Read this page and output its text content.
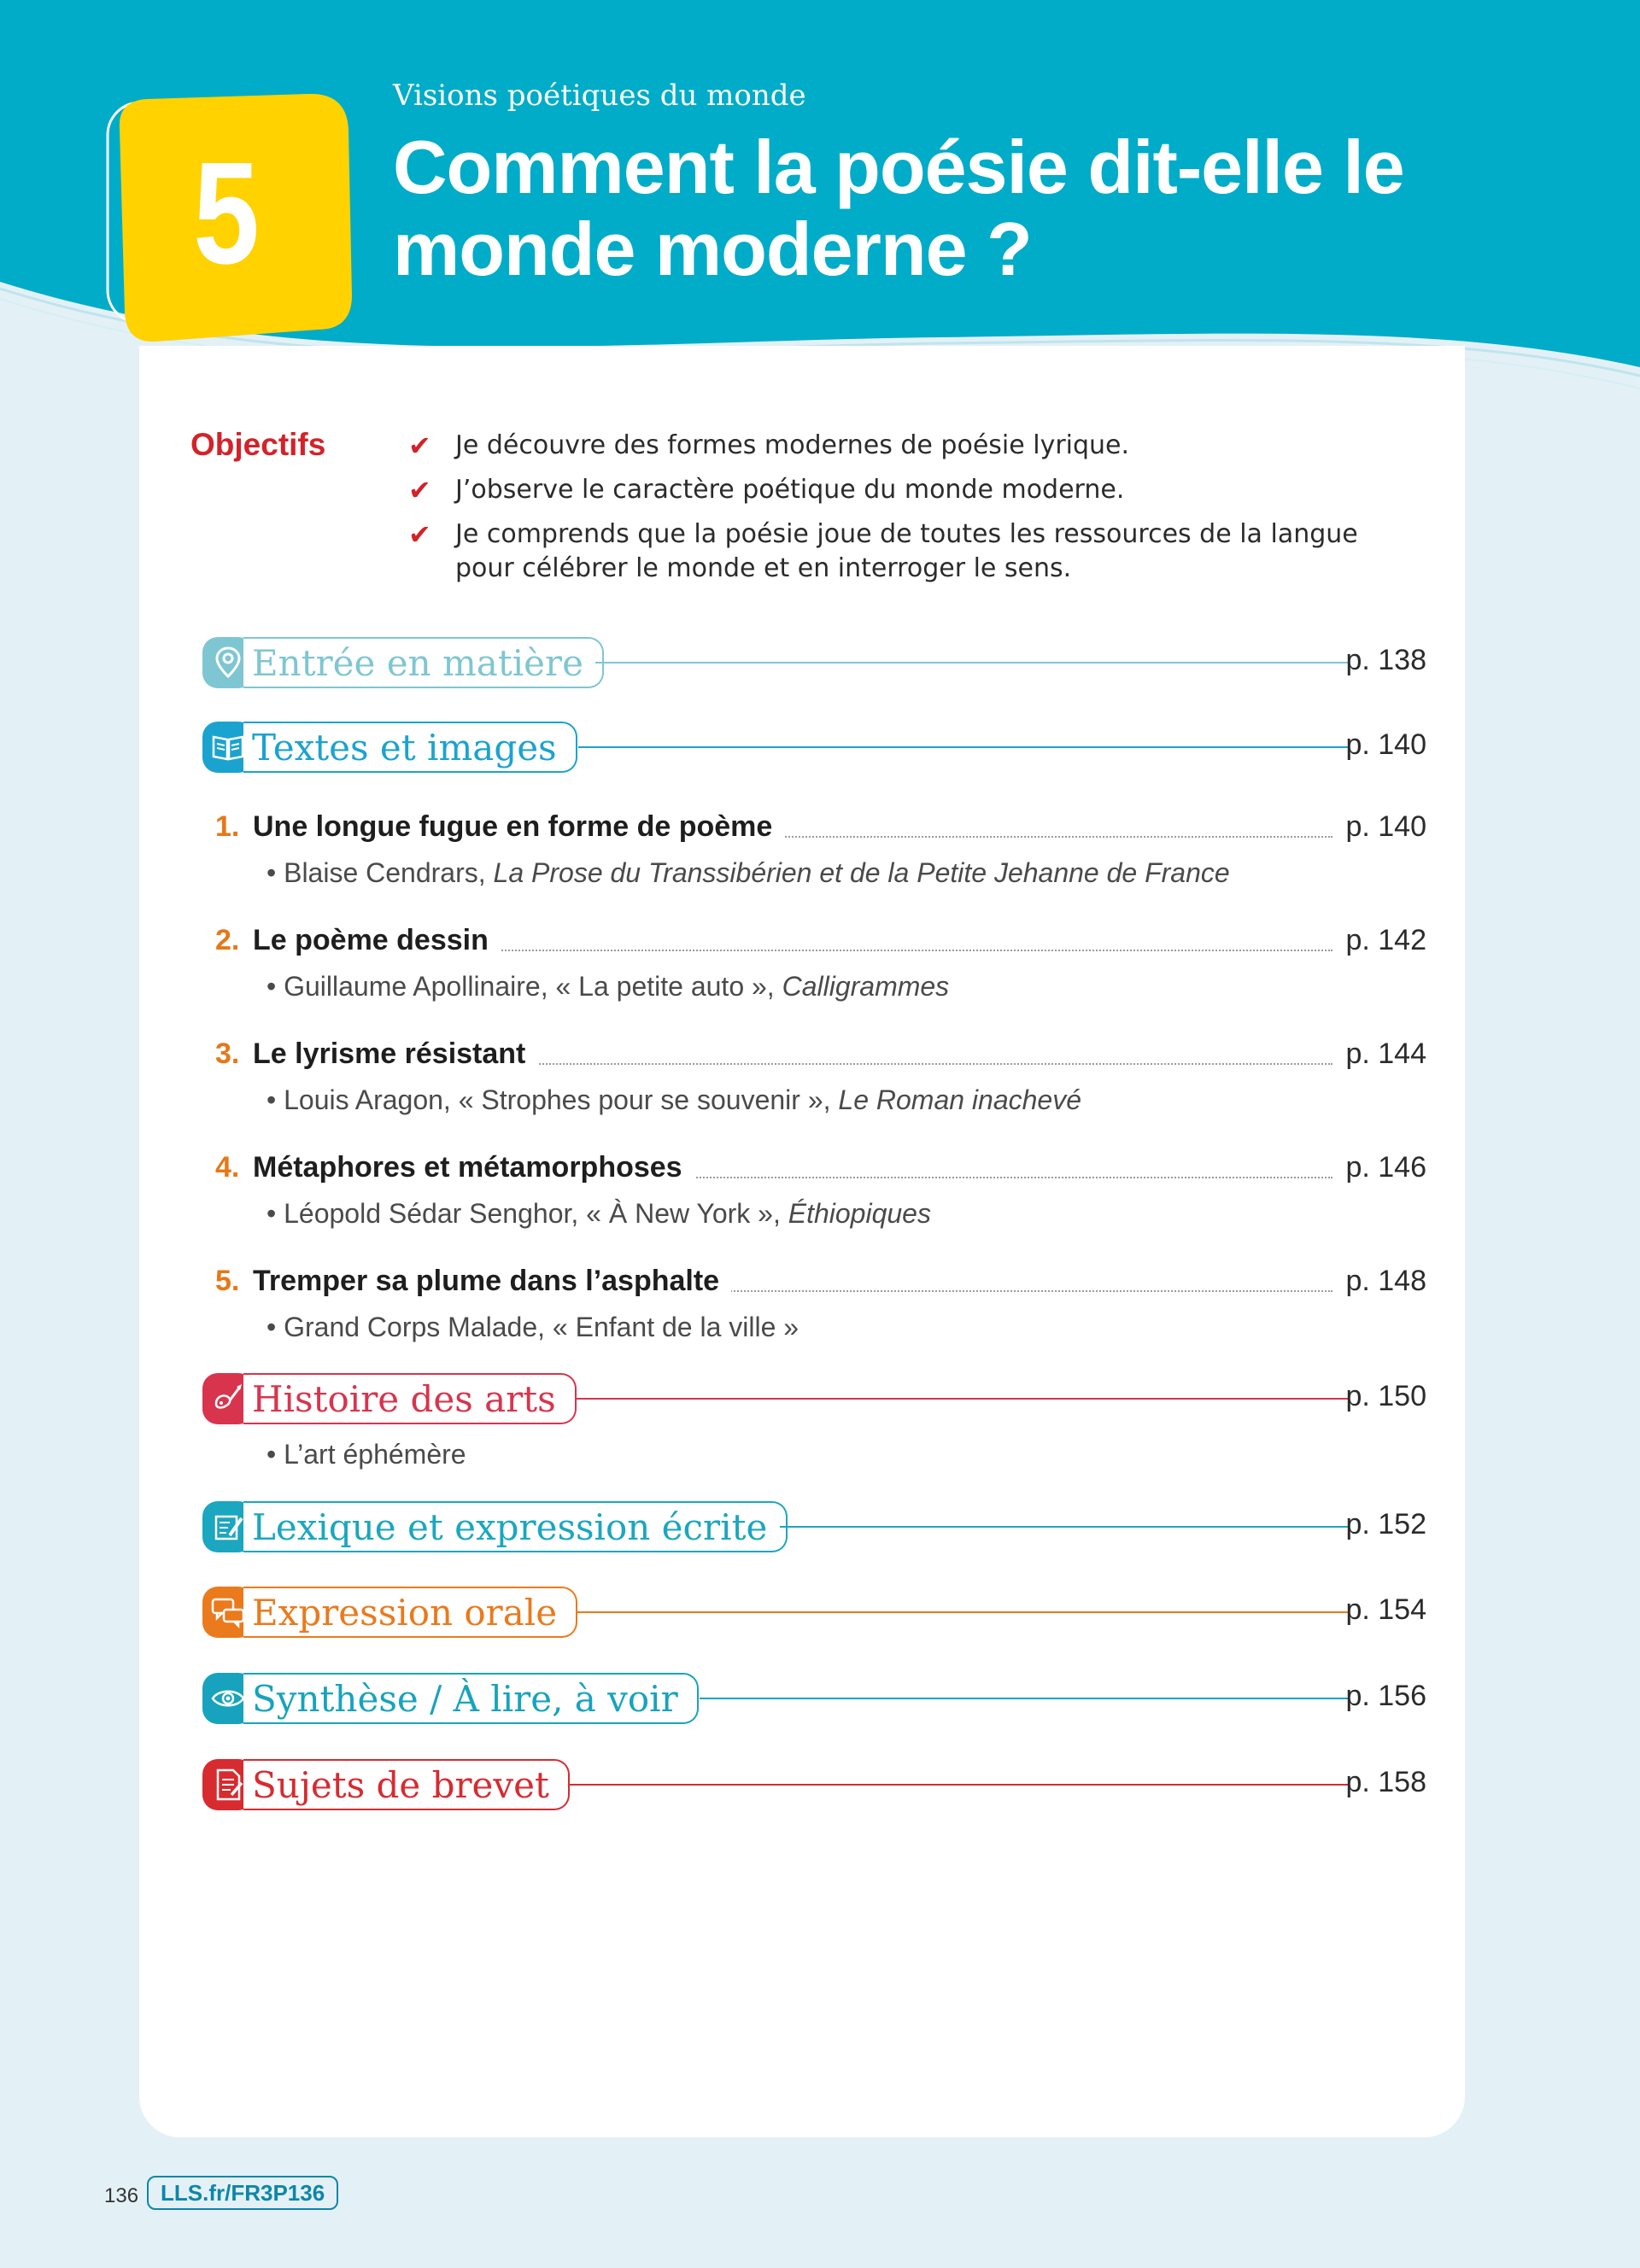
5
Visions poétiques du monde
Comment la poésie dit-elle le monde moderne ?
Objectifs	✔ Je découvre des formes modernes de poésie lyrique.
✔ J’observe le caractère poétique du monde moderne.
✔ Je comprends que la poésie joue de toutes les ressources de la langue pour célébrer le monde et en interroger le sens.
Entrée en matière	p. 138
Textes et images	p. 140
1. Une longue fugue en forme de poème	p. 140
• Blaise Cendrars, La Prose du Transsibérien et de la Petite Jehanne de France
2. Le poème dessin	p. 142
• Guillaume Apollinaire, « La petite auto », Calligrammes
3. Le lyrisme résistant	p. 144
• Louis Aragon, « Strophes pour se souvenir », Le Roman inachevé
4. Métaphores et métamorphoses	p. 146
• Léopold Sédar Senghor, « À New York », Éthiopiques
5. Tremper sa plume dans l’asphalte	p. 148
• Grand Corps Malade, « Enfant de la ville »
Histoire des arts	p. 150
• L’art éphémère
Lexique et expression écrite	p. 152
Expression orale	p. 154
Synthèse / À lire, à voir	p. 156
Sujets de brevet	p. 158
136 LLS.fr/FR3P136
